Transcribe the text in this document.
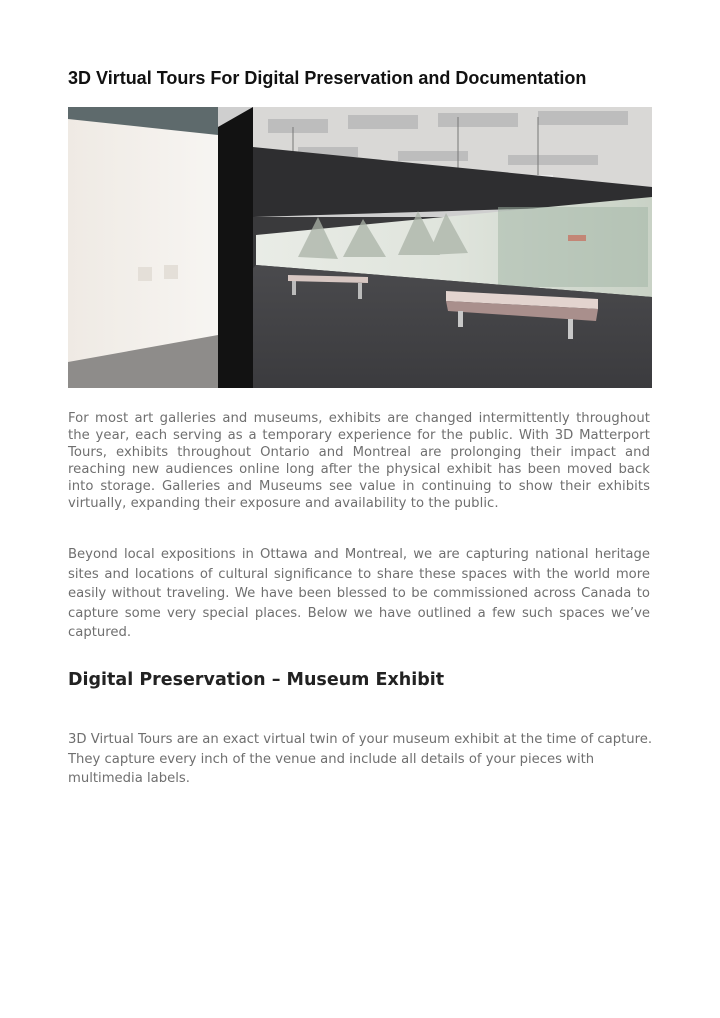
3D Virtual Tours For Digital Preservation and Documentation

For most art galleries and museums, exhibits are changed intermittently throughout the year, each serving as a temporary experience for the public. With 3D Matterport Tours, exhibits throughout Ontario and Montreal are prolonging their impact and reaching new audiences online long after the physical exhibit has been moved back into storage. Galleries and Museums see value in continuing to show their exhibits virtually, expanding their exposure and availability to the public.

Beyond local expositions in Ottawa and Montreal, we are capturing national heritage sites and locations of cultural significance to share these spaces with the world more easily without traveling. We have been blessed to be commissioned across Canada to capture some very special places. Below we have outlined a few such spaces we’ve captured.

Digital Preservation – Museum Exhibit

3D Virtual Tours are an exact virtual twin of your museum exhibit at the time of capture. They capture every inch of the venue and include all details of your pieces with multimedia labels.
